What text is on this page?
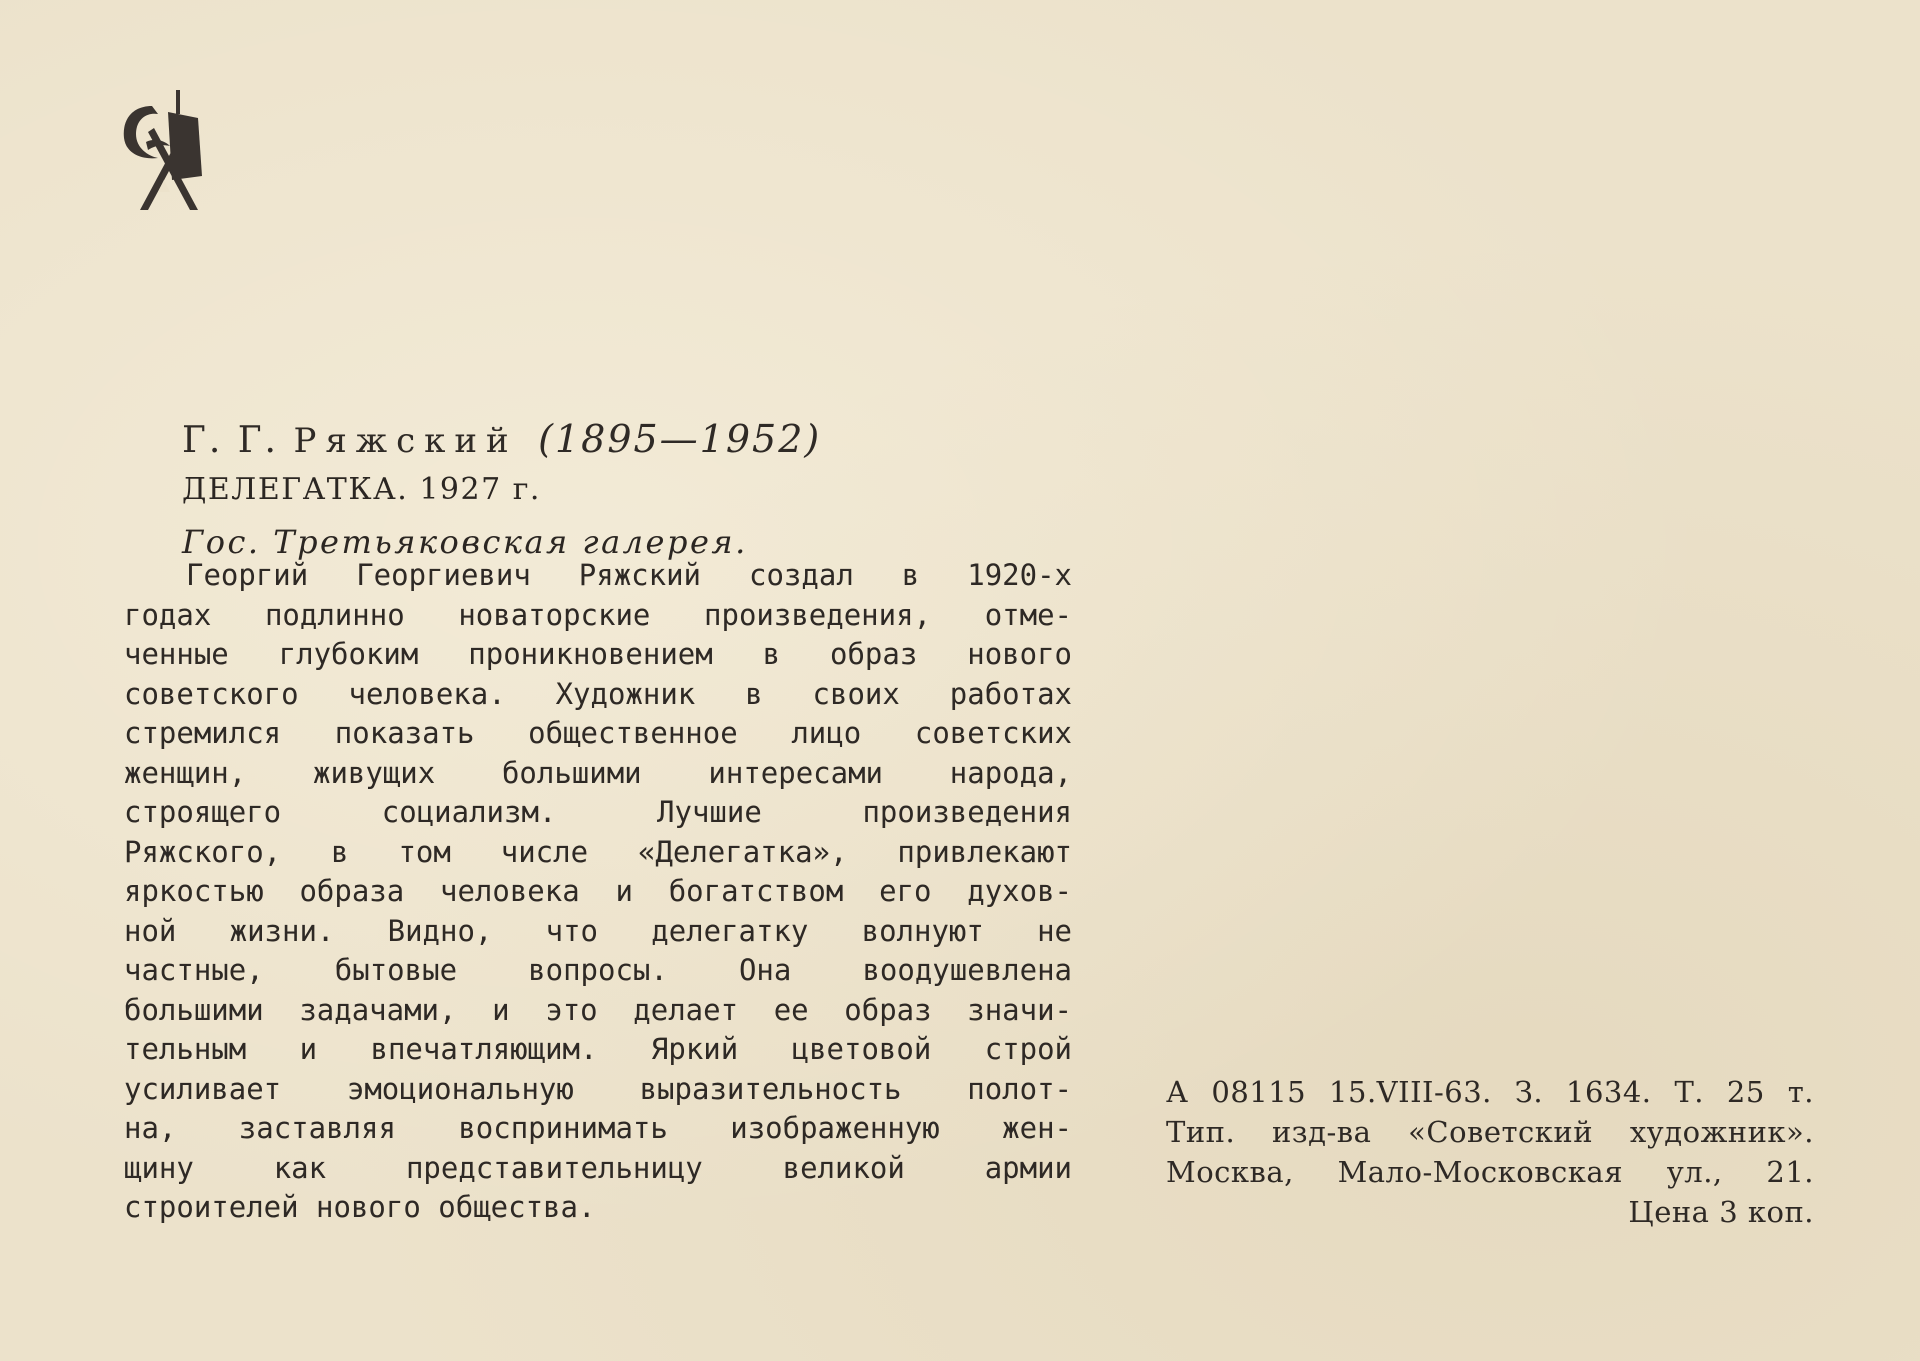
Г. Г. Ряжский (1895—1952)
ДЕЛЕГАТКА. 1927 г.
Гос. Третьяковская галерея.
Георгий Георгиевич Ряжский создал в 1920-х
годах подлинно новаторские произведения, отме-
ченные глубоким проникновением в образ нового
советского человека. Художник в своих работах
стремился показать общественное лицо советских
женщин, живущих большими интересами народа,
строящего социализм. Лучшие произведения
Ряжского, в том числе «Делегатка», привлекают
яркостью образа человека и богатством его духов-
ной жизни. Видно, что делегатку волнуют не
частные, бытовые вопросы. Она воодушевлена
большими задачами, и это делает ее образ значи-
тельным и впечатляющим. Яркий цветовой строй
усиливает эмоциональную выразительность полот-
на, заставляя воспринимать изображенную жен-
щину как представительницу великой армии
строителей нового общества.
А 08115 15.VIII-63. З. 1634. Т. 25 т.
Тип. изд-ва «Советский художник».
Москва, Мало-Московская ул., 21.
Цена 3 коп.
